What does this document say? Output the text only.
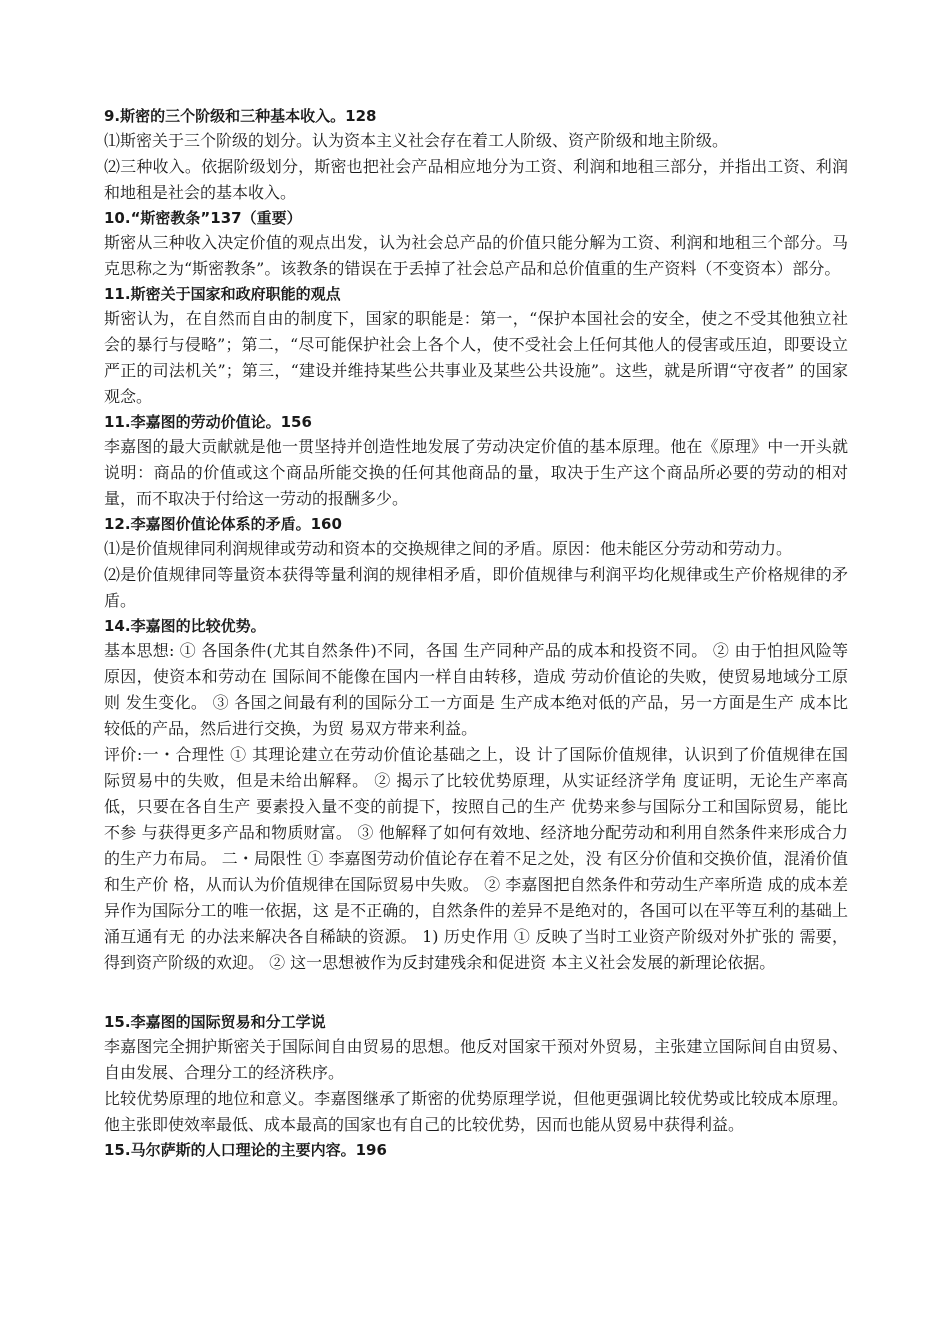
9.斯密的三个阶级和三种基本收入。128

⑴斯密关于三个阶级的划分。认为资本主义社会存在着工人阶级、资产阶级和地主阶级。

⑵三种收入。依据阶级划分，斯密也把社会产品相应地分为工资、利润和地租三部分，并指出工资、利润和地租是社会的基本收入。

10.“斯密教条”137（重要）

斯密从三种收入决定价值的观点出发，认为社会总产品的价值只能分解为工资、利润和地租三个部分。马克思称之为“斯密教条”。该教条的错误在于丢掉了社会总产品和总价值重的生产资料（不变资本）部分。

11.斯密关于国家和政府职能的观点

斯密认为，在自然而自由的制度下，国家的职能是：第一，“保护本国社会的安全，使之不受其他独立社会的暴行与侵略”；第二，“尽可能保护社会上各个人，使不受社会上任何其他人的侵害或压迫，即要设立严正的司法机关”；第三，“建设并维持某些公共事业及某些公共设施”。这些，就是所谓“守夜者” 的国家观念。

11.李嘉图的劳动价值论。156

李嘉图的最大贡献就是他一贯坚持并创造性地发展了劳动决定价值的基本原理。他在《原理》中一开头就说明：商品的价值或这个商品所能交换的任何其他商品的量，取决于生产这个商品所必要的劳动的相对量，而不取决于付给这一劳动的报酬多少。

12.李嘉图价值论体系的矛盾。160

⑴是价值规律同利润规律或劳动和资本的交换规律之间的矛盾。原因：他未能区分劳动和劳动力。

⑵是价值规律同等量资本获得等量利润的规律相矛盾，即价值规律与利润平均化规律或生产价格规律的矛盾。

14.李嘉图的比较优势。

基本思想: ① 各国条件(尤其自然条件)不同，各国 生产同种产品的成本和投资不同。 ② 由于怕担风险等原因，使资本和劳动在 国际间不能像在国内一样自由转移，造成 劳动价值论的失败，使贸易地域分工原则 发生变化。 ③ 各国之间最有利的国际分工一方面是 生产成本绝对低的产品，另一方面是生产 成本比较低的产品，然后进行交换，为贸 易双方带来利益。

评价:一・合理性 ① 其理论建立在劳动价值论基础之上，设 计了国际价值规律，认识到了价值规律在国 际贸易中的失败，但是未给出解释。 ② 揭示了比较优势原理，从实证经济学角 度证明，无论生产率高低，只要在各自生产 要素投入量不变的前提下，按照自己的生产 优势来参与国际分工和国际贸易，能比不参 与获得更多产品和物质财富。 ③ 他解释了如何有效地、经济地分配劳动和利用自然条件来形成合力的生产力布局。 二・局限性 ① 李嘉图劳动价值论存在着不足之处，没 有区分价值和交换价值，混淆价值和生产价 格，从而认为价值规律在国际贸易中失败。 ② 李嘉图把自然条件和劳动生产率所造 成的成本差异作为国际分工的唯一依据，这 是不正确的，自然条件的差异不是绝对的，各国可以在平等互利的基础上涌互通有无 的办法来解决各自稀缺的资源。 1) 历史作用 ① 反映了当时工业资产阶级对外扩张的 需要，得到资产阶级的欢迎。 ② 这一思想被作为反封建残余和促进资 本主义社会发展的新理论依据。

15.李嘉图的国际贸易和分工学说

李嘉图完全拥护斯密关于国际间自由贸易的思想。他反对国家干预对外贸易，主张建立国际间自由贸易、自由发展、合理分工的经济秩序。

比较优势原理的地位和意义。李嘉图继承了斯密的优势原理学说，但他更强调比较优势或比较成本原理。他主张即使效率最低、成本最高的国家也有自己的比较优势，因而也能从贸易中获得利益。

15.马尔萨斯的人口理论的主要内容。196
